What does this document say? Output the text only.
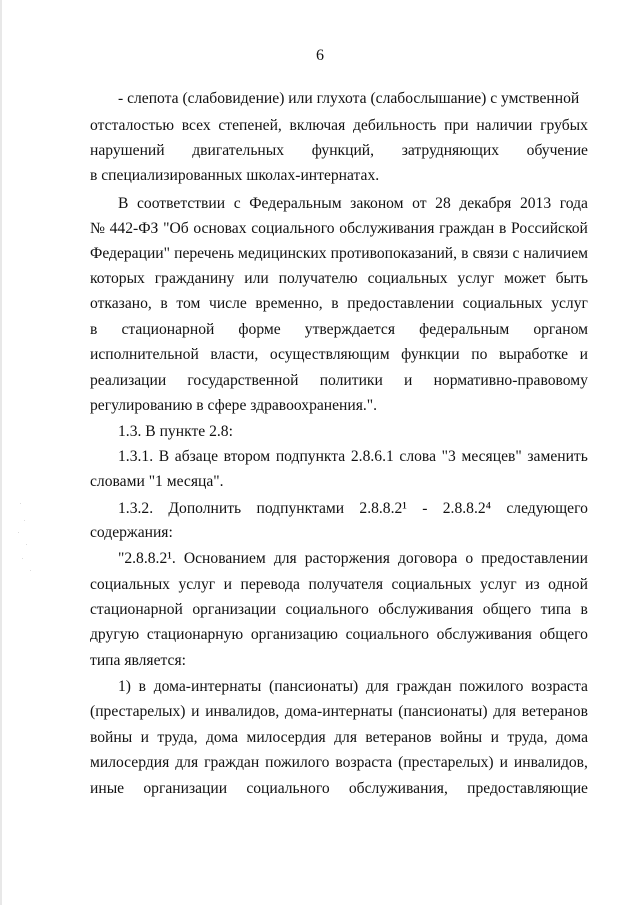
6
- слепота (слабовидение) или глухота (слабослышание) с умственной
отсталостью всех степеней, включая дебильность при наличии грубых
нарушений двигательных функций, затрудняющих обучение
в специализированных школах-интернатах.
В соответствии с Федеральным законом от 28 декабря 2013 года
№ 442-ФЗ "Об основах социального обслуживания граждан в Российской
Федерации" перечень медицинских противопоказаний, в связи с наличием
которых гражданину или получателю социальных услуг может быть
отказано, в том числе временно, в предоставлении социальных услуг
в стационарной форме утверждается федеральным органом
исполнительной власти, осуществляющим функции по выработке и
реализации государственной политики и нормативно-правовому
регулированию в сфере здравоохранения.".
1.3. В пункте 2.8:
1.3.1. В абзаце втором подпункта 2.8.6.1 слова "3 месяцев" заменить
словами "1 месяца".
1.3.2. Дополнить подпунктами 2.8.8.2¹ - 2.8.8.2⁴ следующего
содержания:
"2.8.8.2¹. Основанием для расторжения договора о предоставлении
социальных услуг и перевода получателя социальных услуг из одной
стационарной организации социального обслуживания общего типа в
другую стационарную организацию социального обслуживания общего
типа является:
1) в дома-интернаты (пансионаты) для граждан пожилого возраста
(престарелых) и инвалидов, дома-интернаты (пансионаты) для ветеранов
войны и труда, дома милосердия для ветеранов войны и труда, дома
милосердия для граждан пожилого возраста (престарелых) и инвалидов,
иные организации социального обслуживания, предоставляющие
